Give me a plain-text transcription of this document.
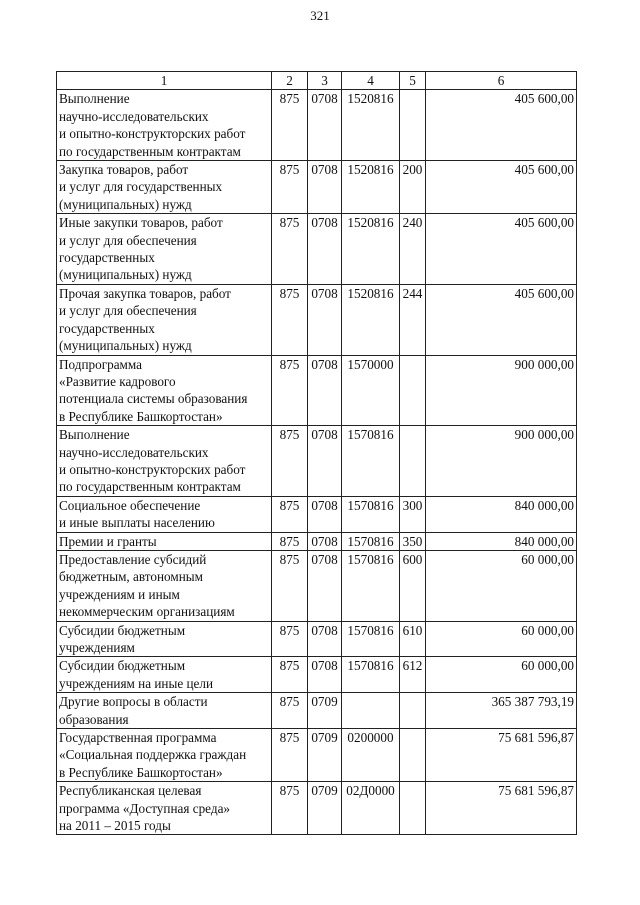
321
1	2	3	4	5	6
Выполнение
научно-исследовательских
и опытно-конструкторских работ
по государственным контрактам	875	0708	1520816		405 600,00
Закупка товаров, работ
и услуг для государственных
(муниципальных) нужд	875	0708	1520816	200	405 600,00
Иные закупки товаров, работ
и услуг для обеспечения
государственных
(муниципальных) нужд	875	0708	1520816	240	405 600,00
Прочая закупка товаров, работ
и услуг для обеспечения
государственных
(муниципальных) нужд	875	0708	1520816	244	405 600,00
Подпрограмма
«Развитие кадрового
потенциала системы образования
в Республике Башкортостан»	875	0708	1570000		900 000,00
Выполнение
научно-исследовательских
и опытно-конструкторских работ
по государственным контрактам	875	0708	1570816		900 000,00
Социальное обеспечение
и иные выплаты населению	875	0708	1570816	300	840 000,00
Премии и гранты	875	0708	1570816	350	840 000,00
Предоставление субсидий
бюджетным, автономным
учреждениям и иным
некоммерческим организациям	875	0708	1570816	600	60 000,00
Субсидии бюджетным
учреждениям	875	0708	1570816	610	60 000,00
Субсидии бюджетным
учреждениям на иные цели	875	0708	1570816	612	60 000,00
Другие вопросы в области
образования	875	0709			365 387 793,19
Государственная программа
«Социальная поддержка граждан
в Республике Башкортостан»	875	0709	0200000		75 681 596,87
Республиканская целевая
программа «Доступная среда»
на 2011 – 2015 годы	875	0709	02Д0000		75 681 596,87
